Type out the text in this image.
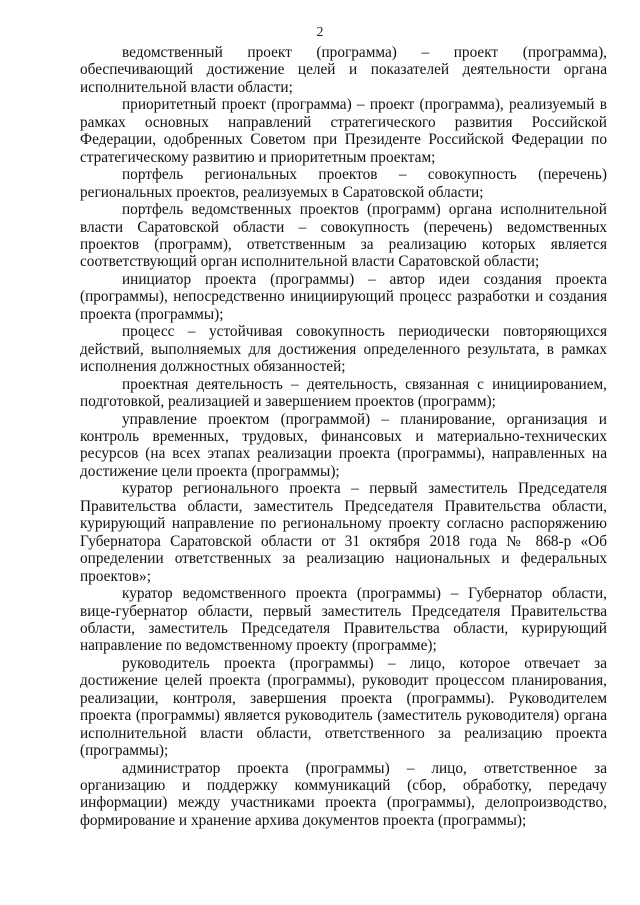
2

ведомственный проект (программа) – проект (программа), обеспечивающий достижение целей и показателей деятельности органа исполнительной власти области;

приоритетный проект (программа) – проект (программа), реализуемый в рамках основных направлений стратегического развития Российской Федерации, одобренных Советом при Президенте Российской Федерации по стратегическому развитию и приоритетным проектам;

портфель региональных проектов – совокупность (перечень) региональных проектов, реализуемых в Саратовской области;

портфель ведомственных проектов (программ) органа исполнительной власти Саратовской области – совокупность (перечень) ведомственных проектов (программ), ответственным за реализацию которых является соответствующий орган исполнительной власти Саратовской области;

инициатор проекта (программы) – автор идеи создания проекта (программы), непосредственно инициирующий процесс разработки и создания проекта (программы);

процесс – устойчивая совокупность периодически повторяющихся действий, выполняемых для достижения определенного результата, в рамках исполнения должностных обязанностей;

проектная деятельность – деятельность, связанная с инициированием, подготовкой, реализацией и завершением проектов (программ);

управление проектом (программой) – планирование, организация и контроль временных, трудовых, финансовых и материально-технических ресурсов (на всех этапах реализации проекта (программы), направленных на достижение цели проекта (программы);

куратор регионального проекта – первый заместитель Председателя Правительства области, заместитель Председателя Правительства области, курирующий направление по региональному проекту согласно распоряжению Губернатора Саратовской области от 31 октября 2018 года № 868-р «Об определении ответственных за реализацию национальных и федеральных проектов»;

куратор ведомственного проекта (программы) – Губернатор области, вице-губернатор области, первый заместитель Председателя Правительства области, заместитель Председателя Правительства области, курирующий направление по ведомственному проекту (программе);

руководитель проекта (программы) – лицо, которое отвечает за достижение целей проекта (программы), руководит процессом планирования, реализации, контроля, завершения проекта (программы). Руководителем проекта (программы) является руководитель (заместитель руководителя) органа исполнительной власти области, ответственного за реализацию проекта (программы);

администратор проекта (программы) – лицо, ответственное за организацию и поддержку коммуникаций (сбор, обработку, передачу информации) между участниками проекта (программы), делопроизводство, формирование и хранение архива документов проекта (программы);
